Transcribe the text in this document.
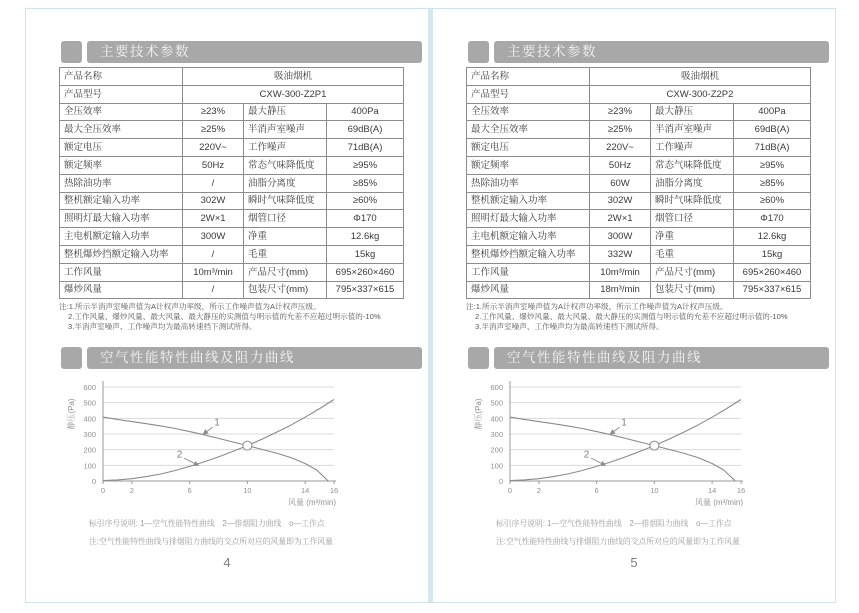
主要技术参数
产品名称	吸油烟机		
产品型号	CXW-300-Z2P1		
全压效率	≥23%	最大静压	400Pa
最大全压效率	≥25%	半消声室噪声	69dB(A)
额定电压	220V~	工作噪声	71dB(A)
额定频率	50Hz	常态气味降低度	≥95%
热除油功率	/	油脂分离度	≥85%
整机额定输入功率	302W	瞬时气味降低度	≥60%
照明灯最大输入功率	2W×1	烟管口径	Φ170
主电机额定输入功率	300W	净重	12.6kg
整机爆炒挡额定输入功率	/	毛重	15kg
工作风量	10m³/min	产品尺寸(mm)	695×260×460
爆炒风量	/	包装尺寸(mm)	795×337×615
注:1.所示半消声室噪声值为A计权声功率级，所示工作噪声值为A计权声压级。
2.工作风量、爆炒风量、最大风量、最大静压的实测值与明示值的允差不应超过明示值的-10%
3.半消声室噪声、工作噪声均为最高转速档下测试所得。
空气性能特性曲线及阻力曲线
0
100
200
300
400
500
600
0	2	6	10	14	16
静压(Pa)
风量 (m³/min)
1
2
标引序号说明: 1—空气性能特性曲线　2—排烟阻力曲线　o—工作点
注:空气性能特性曲线与排烟阻力曲线的交点所对应的风量即为工作风量
4
主要技术参数
产品名称	吸油烟机		
产品型号	CXW-300-Z2P2		
全压效率	≥23%	最大静压	400Pa
最大全压效率	≥25%	半消声室噪声	69dB(A)
额定电压	220V~	工作噪声	71dB(A)
额定频率	50Hz	常态气味降低度	≥95%
热除油功率	60W	油脂分离度	≥85%
整机额定输入功率	302W	瞬时气味降低度	≥60%
照明灯最大输入功率	2W×1	烟管口径	Φ170
主电机额定输入功率	300W	净重	12.6kg
整机爆炒挡额定输入功率	332W	毛重	15kg
工作风量	10m³/min	产品尺寸(mm)	695×260×460
爆炒风量	18m³/min	包装尺寸(mm)	795×337×615
注:1.所示半消声室噪声值为A计权声功率级，所示工作噪声值为A计权声压级。
2.工作风量、爆炒风量、最大风量、最大静压的实测值与明示值的允差不应超过明示值的-10%
3.半消声室噪声、工作噪声均为最高转速档下测试所得。
空气性能特性曲线及阻力曲线
0
100
200
300
400
500
600
0	2	6	10	14	16
静压(Pa)
风量 (m³/min)
1
2
标引序号说明: 1—空气性能特性曲线　2—排烟阻力曲线　o—工作点
注:空气性能特性曲线与排烟阻力曲线的交点所对应的风量即为工作风量
5
